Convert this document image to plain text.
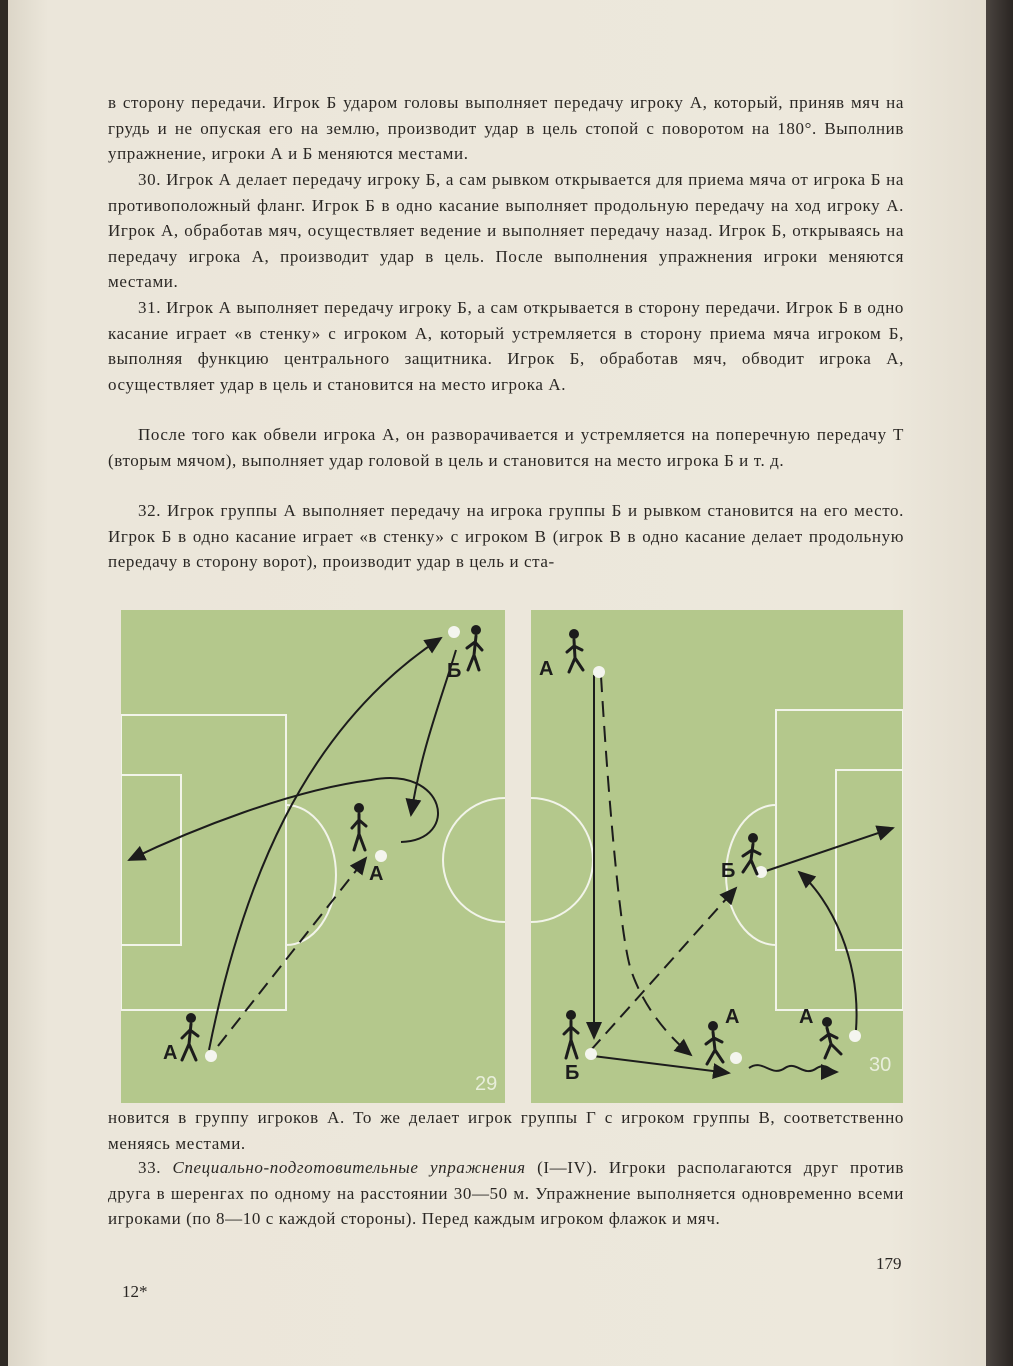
в сторону передачи. Игрок Б ударом головы выполняет передачу игроку А, который, приняв мяч на грудь и не опуская его на землю, производит удар в цель стопой с поворотом на 180°. Выполнив упражнение, игроки А и Б меняются местами.

30. Игрок А делает передачу игроку Б, а сам рывком открывается для приема мяча от игрока Б на противоположный фланг. Игрок Б в одно касание выполняет продольную передачу на ход игроку А. Игрок А, обработав мяч, осуществляет ведение и выполняет передачу назад. Игрок Б, открываясь на передачу игрока А, производит удар в цель. После выполнения упражнения игроки меняются местами.

31. Игрок А выполняет передачу игроку Б, а сам открывается в сторону передачи. Игрок Б в одно касание играет «в стенку» с игроком А, который устремляется в сторону приема мяча игроком Б, выполняя функцию центрального защитника. Игрок Б, обработав мяч, обводит игрока А, осуществляет удар в цель и становится на место игрока А.

После того как обвели игрока А, он разворачивается и устремляется на поперечную передачу Т (вторым мячом), выполняет удар головой в цель и становится на место игрока Б и т. д.

32. Игрок группы А выполняет передачу на игрока группы Б и рывком становится на его место. Игрок Б в одно касание играет «в стенку» с игроком В (игрок В в одно касание делает продольную передачу в сторону ворот), производит удар в цель и ста-

Б
А
А
29
А
Б
Б
А	А
30

новится в группу игроков А. То же делает игрок группы Г с игроком группы В, соответственно меняясь местами.

33. Специально-подготовительные упражнения (I—IV). Игроки располагаются друг против друга в шеренгах по одному на расстоянии 30—50 м. Упражнение выполняется одновременно всеми игроками (по 8—10 с каждой стороны). Перед каждым игроком флажок и мяч.

179
12*
